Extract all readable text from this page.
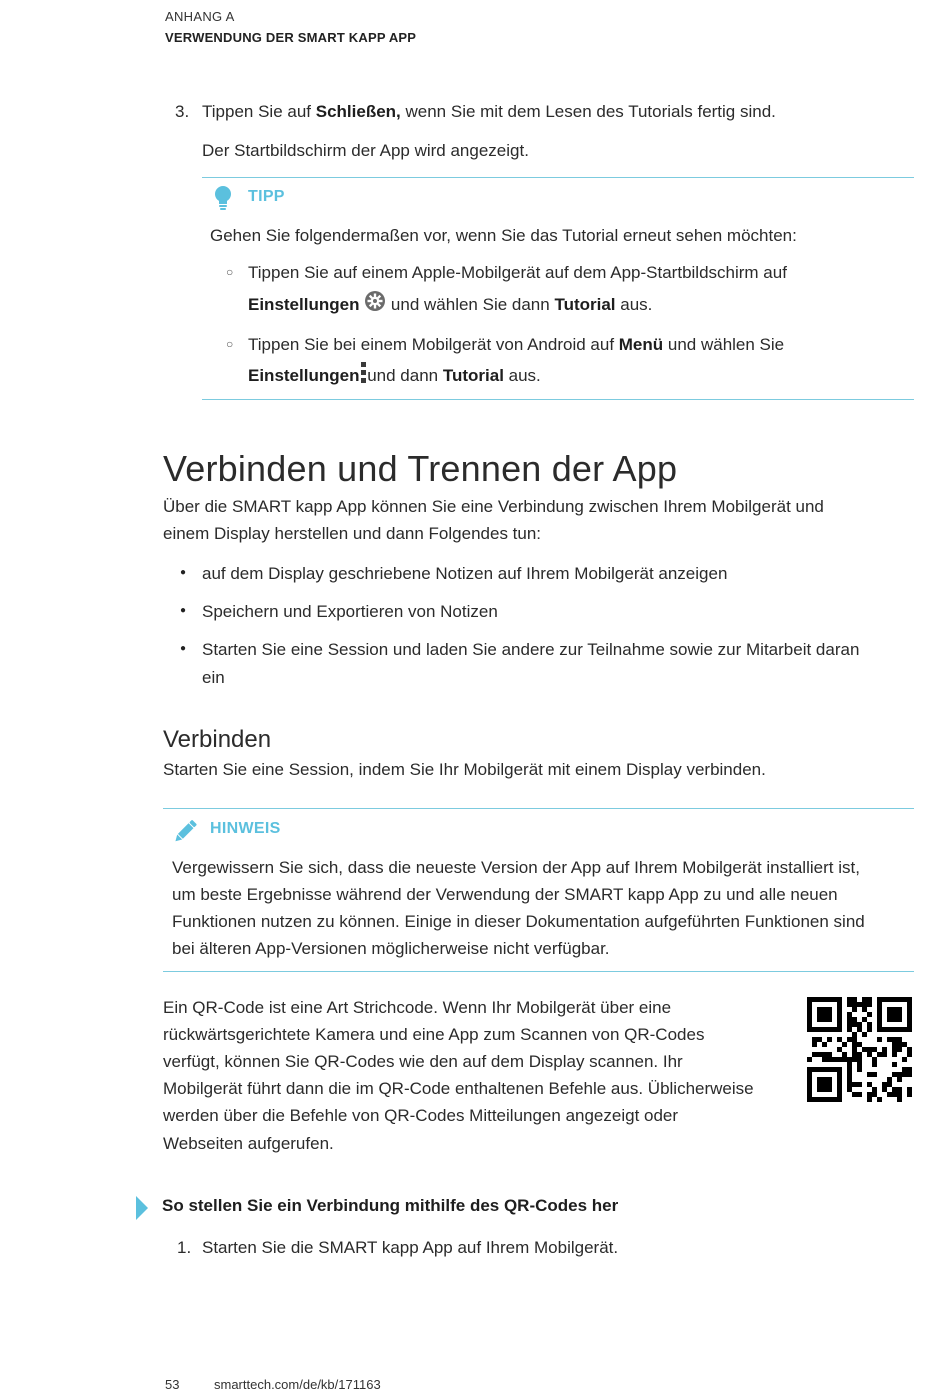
ANHANG A
VERWENDUNG DER SMART KAPP APP
3. Tippen Sie auf Schließen, wenn Sie mit dem Lesen des Tutorials fertig sind.
Der Startbildschirm der App wird angezeigt.
TIPP
Gehen Sie folgendermaßen vor, wenn Sie das Tutorial erneut sehen möchten:
○ Tippen Sie auf einem Apple-Mobilgerät auf dem App-Startbildschirm auf
Einstellungen
und wählen Sie dann Tutorial aus.
○ Tippen Sie bei einem Mobilgerät von Android auf Menü und wählen Sie
Einstellungen und dann Tutorial aus.
Verbinden und Trennen der App
Über die SMART kapp App können Sie eine Verbindung zwischen Ihrem Mobilgerät und
einem Display herstellen und dann Folgendes tun:
● auf dem Display geschriebene Notizen auf Ihrem Mobilgerät anzeigen
● Speichern und Exportieren von Notizen
● Starten Sie eine Session und laden Sie andere zur Teilnahme sowie zur Mitarbeit daran
ein
Verbinden
Starten Sie eine Session, indem Sie Ihr Mobilgerät mit einem Display verbinden.
HINWEIS
Vergewissern Sie sich, dass die neueste Version der App auf Ihrem Mobilgerät installiert ist,
um beste Ergebnisse während der Verwendung der SMART kapp App zu und alle neuen
Funktionen nutzen zu können. Einige in dieser Dokumentation aufgeführten Funktionen sind
bei älteren App-Versionen möglicherweise nicht verfügbar.
Ein QR-Code ist eine Art Strichcode. Wenn Ihr Mobilgerät über eine
rückwärtsgerichtete Kamera und eine App zum Scannen von QR-Codes
verfügt, können Sie QR-Codes wie den auf dem Display scannen. Ihr
Mobilgerät führt dann die im QR-Code enthaltenen Befehle aus. Üblicherweise
werden über die Befehle von QR-Codes Mitteilungen angezeigt oder
Webseiten aufgerufen.
So stellen Sie ein Verbindung mithilfe des QR-Codes her
1. Starten Sie die SMART kapp App auf Ihrem Mobilgerät.
53	smarttech.com/de/kb/171163
